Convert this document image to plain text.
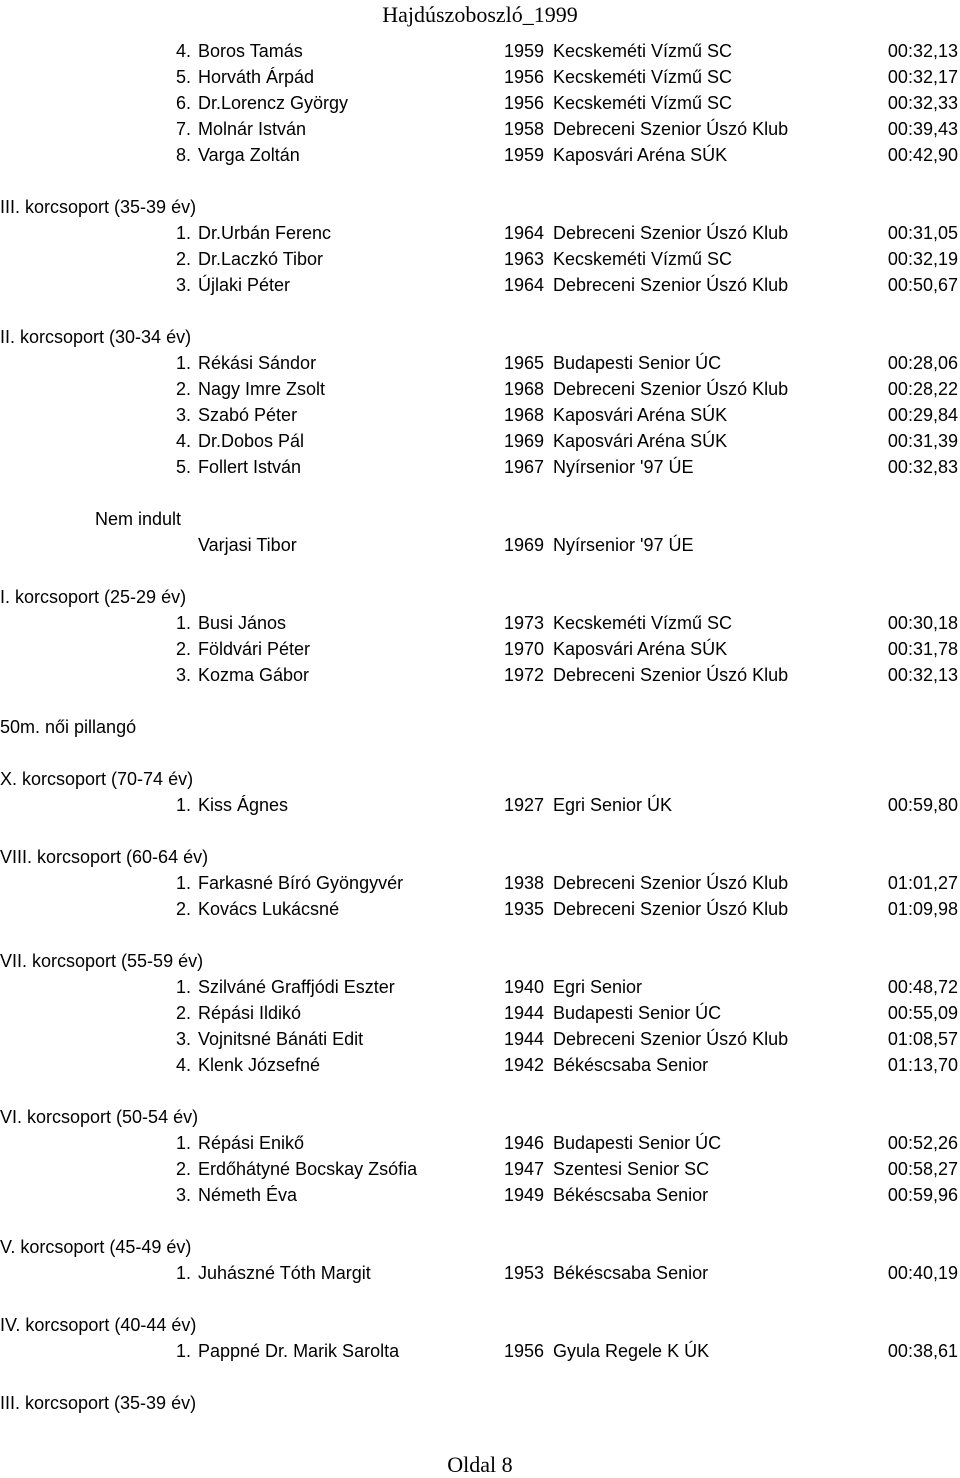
Hajdúszoboszló_1999
4. Boros Tamás	1959 Kecskeméti Vízmű SC	00:32,13
5. Horváth Árpád	1956 Kecskeméti Vízmű SC	00:32,17
6. Dr.Lorencz György	1956 Kecskeméti Vízmű SC	00:32,33
7. Molnár István	1958 Debreceni Szenior Úszó Klub	00:39,43
8. Varga Zoltán	1959 Kaposvári Aréna SÚK	00:42,90
III. korcsoport (35-39 év)
1. Dr.Urbán Ferenc	1964 Debreceni Szenior Úszó Klub	00:31,05
2. Dr.Laczkó Tibor	1963 Kecskeméti Vízmű SC	00:32,19
3. Újlaki Péter	1964 Debreceni Szenior Úszó Klub	00:50,67
II. korcsoport (30-34 év)
1. Rékási Sándor	1965 Budapesti Senior ÚC	00:28,06
2. Nagy Imre Zsolt	1968 Debreceni Szenior Úszó Klub	00:28,22
3. Szabó Péter	1968 Kaposvári Aréna SÚK	00:29,84
4. Dr.Dobos Pál	1969 Kaposvári Aréna SÚK	00:31,39
5. Follert István	1967 Nyírsenior '97 ÚE	00:32,83
Nem indult
Varjasi Tibor	1969 Nyírsenior '97 ÚE
I. korcsoport (25-29 év)
1. Busi János	1973 Kecskeméti Vízmű SC	00:30,18
2. Földvári Péter	1970 Kaposvári Aréna SÚK	00:31,78
3. Kozma Gábor	1972 Debreceni Szenior Úszó Klub	00:32,13
50m. női pillangó
X. korcsoport (70-74 év)
1. Kiss Ágnes	1927 Egri Senior ÚK	00:59,80
VIII. korcsoport (60-64 év)
1. Farkasné Bíró Gyöngyvér	1938 Debreceni Szenior Úszó Klub	01:01,27
2. Kovács Lukácsné	1935 Debreceni Szenior Úszó Klub	01:09,98
VII. korcsoport (55-59 év)
1. Szilváné Graffjódi Eszter	1940 Egri Senior	00:48,72
2. Répási Ildikó	1944 Budapesti Senior ÚC	00:55,09
3. Vojnitsné Bánáti Edit	1944 Debreceni Szenior Úszó Klub	01:08,57
4. Klenk Józsefné	1942 Békéscsaba Senior	01:13,70
VI. korcsoport (50-54 év)
1. Répási Enikő	1946 Budapesti Senior ÚC	00:52,26
2. Erdőhátyné Bocskay Zsófia	1947 Szentesi Senior SC	00:58,27
3. Németh Éva	1949 Békéscsaba Senior	00:59,96
V. korcsoport (45-49 év)
1. Juhászné Tóth Margit	1953 Békéscsaba Senior	00:40,19
IV. korcsoport (40-44 év)
1. Pappné Dr. Marik Sarolta	1956 Gyula Regele K ÚK	00:38,61
III. korcsoport (35-39 év)
Oldal 8
